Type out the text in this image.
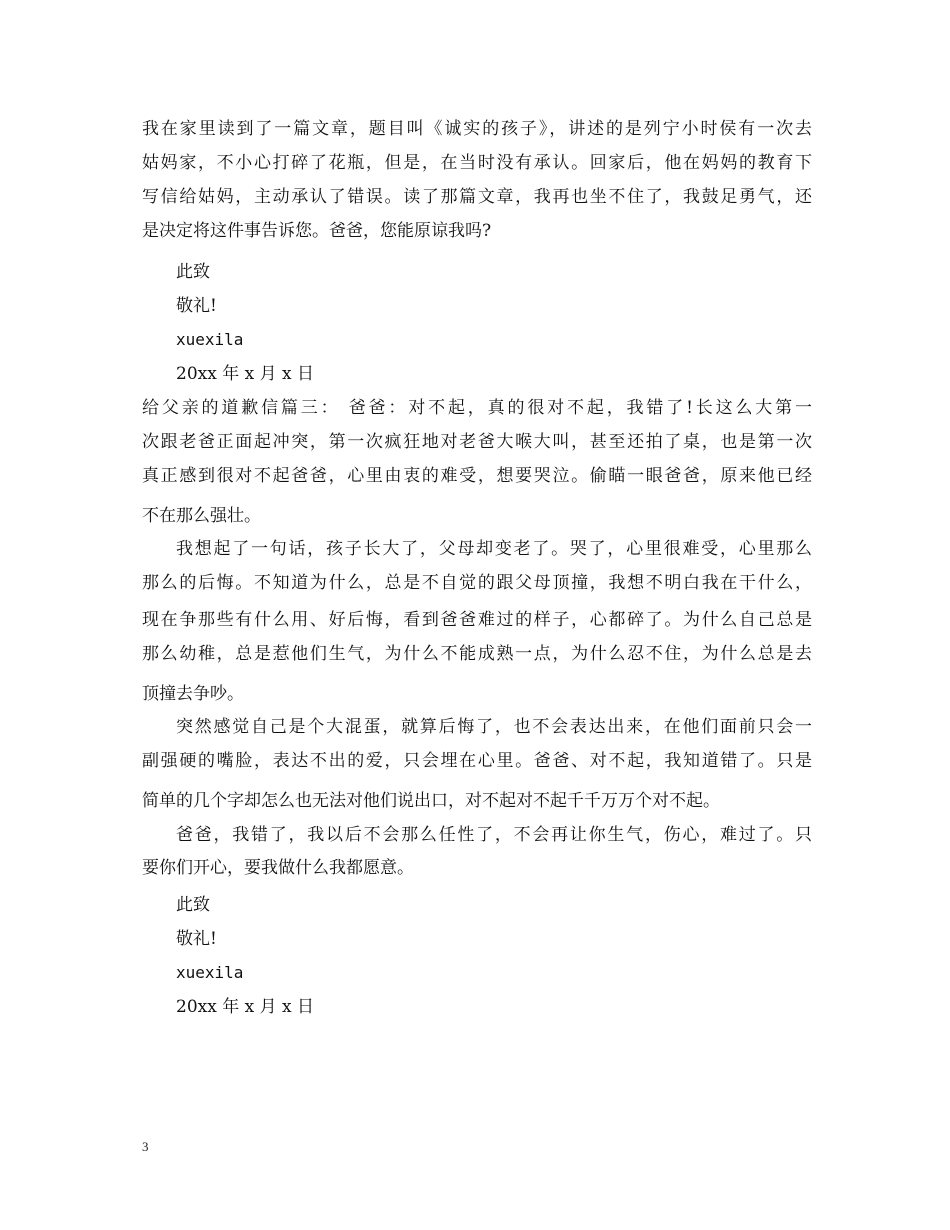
我在家里读到了一篇文章，题目叫《诚实的孩子》，讲述的是列宁小时侯有一次去
姑妈家，不小心打碎了花瓶，但是，在当时没有承认。回家后，他在妈妈的教育下
写信给姑妈，主动承认了错误。读了那篇文章，我再也坐不住了，我鼓足勇气，还
是决定将这件事告诉您。爸爸，您能原谅我吗?
此致
敬礼!
xuexila
20xx 年 x 月 x 日
给父亲的道歉信篇三： 爸爸：对不起，真的很对不起，我错了!长这么大第一
次跟老爸正面起冲突，第一次疯狂地对老爸大喉大叫，甚至还拍了桌，也是第一次
真正感到很对不起爸爸，心里由衷的难受，想要哭泣。偷瞄一眼爸爸，原来他已经
不在那么强壮。
我想起了一句话，孩子长大了，父母却变老了。哭了，心里很难受，心里那么
那么的后悔。不知道为什么，总是不自觉的跟父母顶撞，我想不明白我在干什么，
现在争那些有什么用、好后悔，看到爸爸难过的样子，心都碎了。为什么自己总是
那么幼稚，总是惹他们生气，为什么不能成熟一点，为什么忍不住，为什么总是去
顶撞去争吵。
突然感觉自己是个大混蛋，就算后悔了，也不会表达出来，在他们面前只会一
副强硬的嘴脸，表达不出的爱，只会埋在心里。爸爸、对不起，我知道错了。只是
简单的几个字却怎么也无法对他们说出口，对不起对不起千千万万个对不起。
爸爸，我错了，我以后不会那么任性了，不会再让你生气，伤心，难过了。只
要你们开心，要我做什么我都愿意。
此致
敬礼!
xuexila
20xx 年 x 月 x 日
3
